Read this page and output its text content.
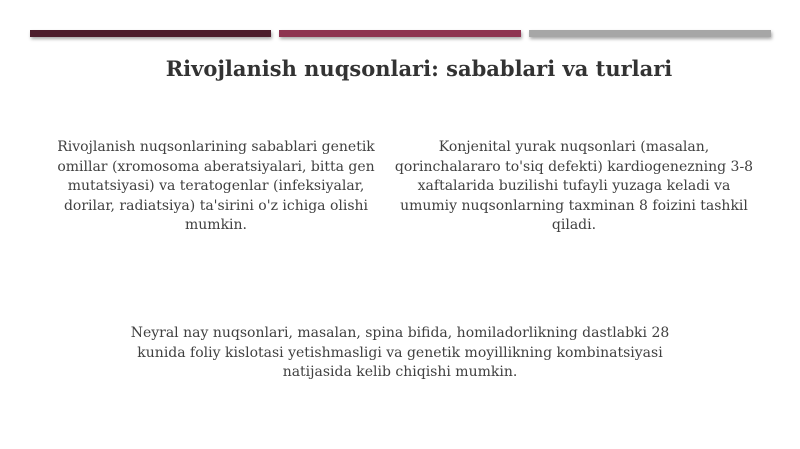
Rivojlanish nuqsonlari: sabablari va turlari

Rivojlanish nuqsonlarining sabablari genetik omillar (xromosoma aberatsiyalari, bitta gen mutatsiyasi) va teratogenlar (infeksiyalar, dorilar, radiatsiya) ta'sirini o'z ichiga olishi mumkin.

Konjenital yurak nuqsonlari (masalan, qorinchalararo to'siq defekti) kardiogenezning 3-8 xaftalarida buzilishi tufayli yuzaga keladi va umumiy nuqsonlarning taxminan 8 foizini tashkil qiladi.

Neyral nay nuqsonlari, masalan, spina bifida, homiladorlikning dastlabki 28 kunida foliy kislotasi yetishmasligi va genetik moyillikning kombinatsiyasi natijasida kelib chiqishi mumkin.
